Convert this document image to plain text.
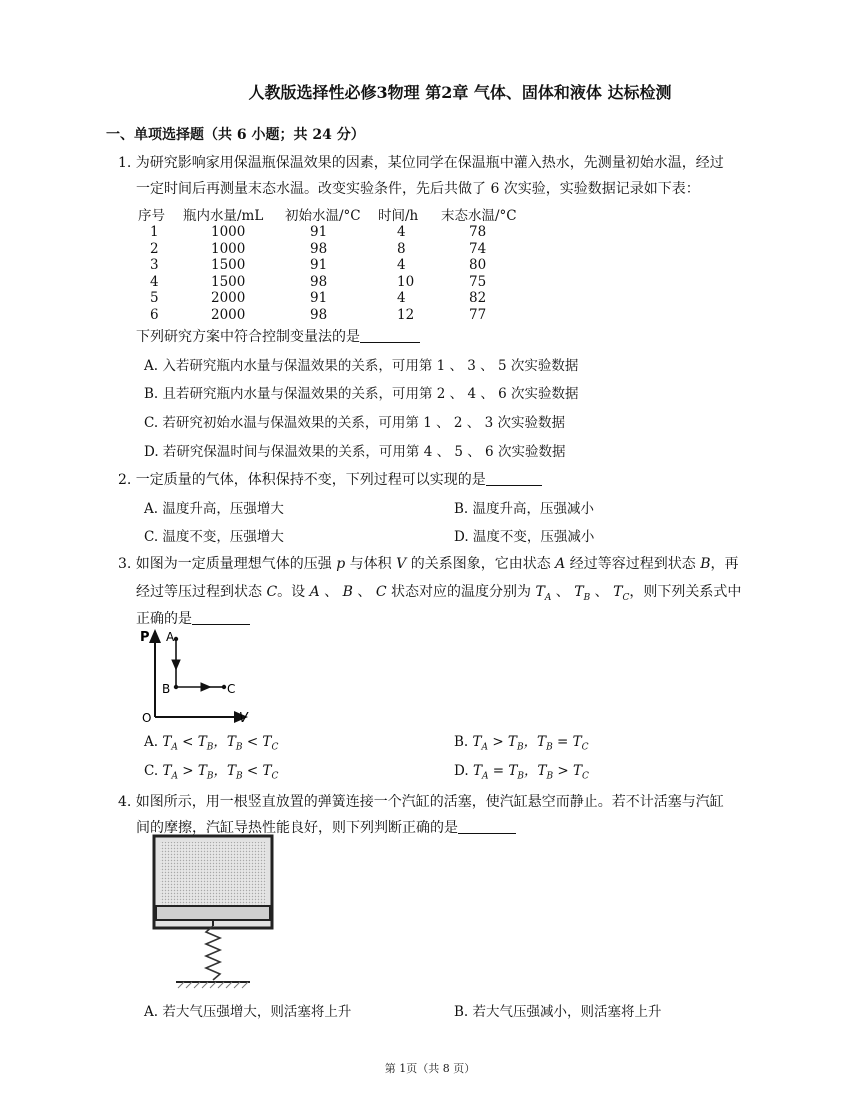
人教版选择性必修3物理 第2章 气体、固体和液体 达标检测
一、单项选择题（共 6 小题；共 24 分）
1. 为研究影响家用保温瓶保温效果的因素，某位同学在保温瓶中灌入热水，先测量初始水温，经过
一定时间后再测量末态水温。改变实验条件，先后共做了 6 次实验，实验数据记录如下表：
序号 瓶内水量/mL 初始水温/°C 时间/h 末态水温/°C
1	1000	91	4	78
2	1000	98	8	74
3	1500	91	4	80
4	1500	98	10	75
5	2000	91	4	82
6	2000	98	12	77
下列研究方案中符合控制变量法的是
A. 入若研究瓶内水量与保温效果的关系，可用第 1 、 3 、 5 次实验数据
B. 且若研究瓶内水量与保温效果的关系，可用第 2 、 4 、 6 次实验数据
C. 若研究初始水温与保温效果的关系，可用第 1 、 2 、 3 次实验数据
D. 若研究保温时间与保温效果的关系，可用第 4 、 5 、 6 次实验数据
2. 一定质量的气体，体积保持不变，下列过程可以实现的是
A. 温度升高，压强增大	B. 温度升高，压强减小
C. 温度不变，压强增大	D. 温度不变，压强减小
3. 如图为一定质量理想气体的压强 p 与体积 V 的关系图象，它由状态 A 经过等容过程到状态 B，再
经过等压过程到状态 C。设 A 、 B 、 C 状态对应的温度分别为 $T_A$ 、 $T_B$ 、 $T_C$，则下列关系式中
正确的是
P A
B	C
O	V
A. $T_A < T_B$，$T_B < T_C$	B. $T_A > T_B$，$T_B = T_C$
C. $T_A > T_B$，$T_B < T_C$	D. $T_A = T_B$，$T_B > T_C$
4. 如图所示，用一根竖直放置的弹簧连接一个汽缸的活塞，使汽缸悬空而静止。若不计活塞与汽缸
间的摩擦，汽缸导热性能良好，则下列判断正确的是
A. 若大气压强增大，则活塞将上升	B. 若大气压强减小，则活塞将上升
第 1页（共 8 页）
